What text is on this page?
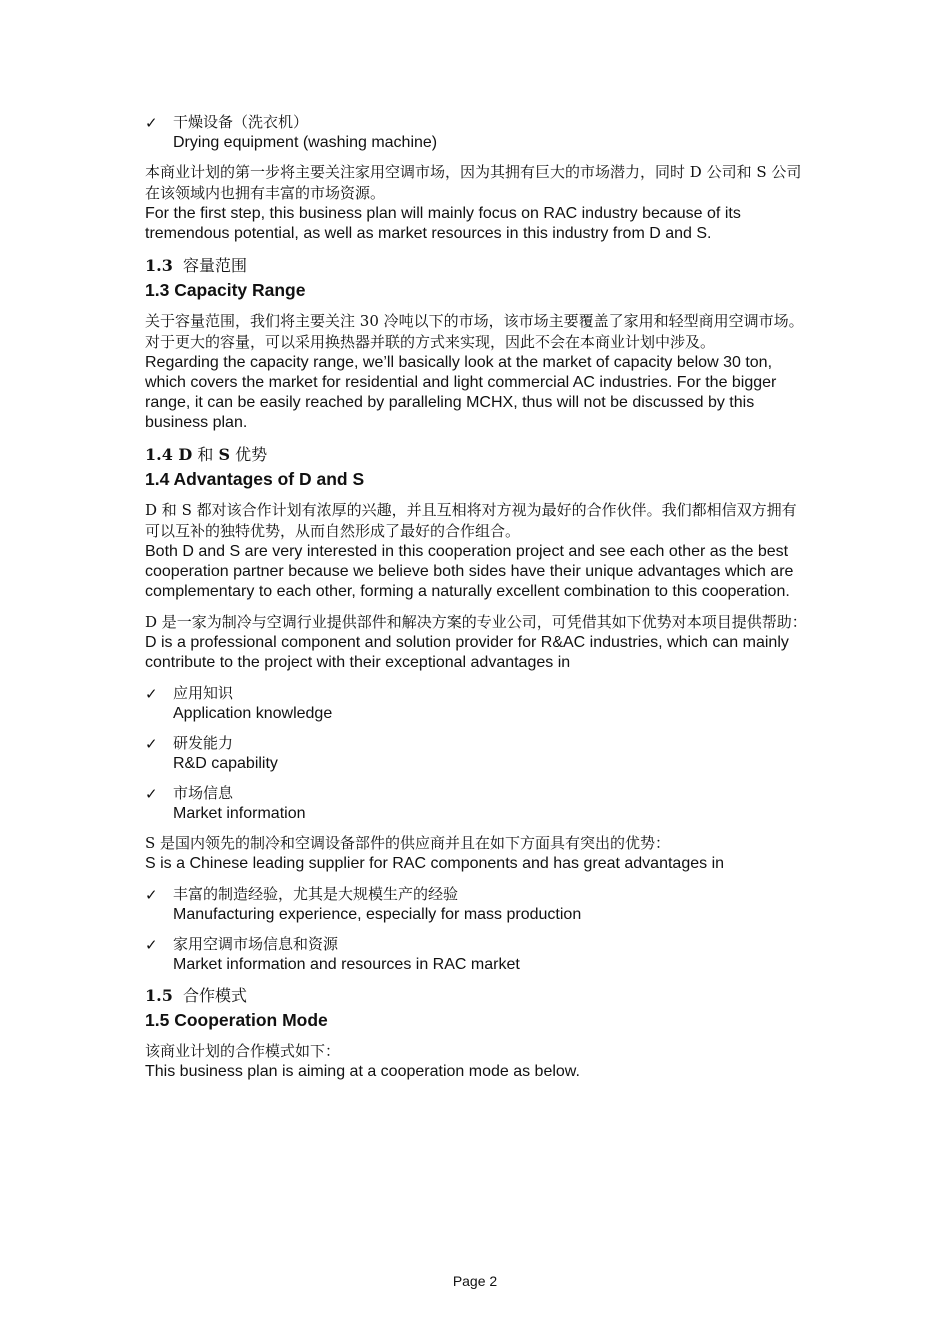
✓ 干燥设备（洗衣机）

Drying equipment (washing machine)

本商业计划的第一步将主要关注家用空调市场，因为其拥有巨大的市场潜力，同时 D 公司和 S 公司在该领域内也拥有丰富的市场资源。

For the first step, this business plan will mainly focus on RAC industry because of its tremendous potential, as well as market resources in this industry from D and S.

1.3 容量范围

1.3 Capacity Range

关于容量范围，我们将主要关注 30 冷吨以下的市场，该市场主要覆盖了家用和轻型商用空调市场。对于更大的容量，可以采用换热器并联的方式来实现，因此不会在本商业计划中涉及。

Regarding the capacity range, we’ll basically look at the market of capacity below 30 ton, which covers the market for residential and light commercial AC industries. For the bigger range, it can be easily reached by paralleling MCHX, thus will not be discussed by this business plan.

1.4 D 和 S 优势

1.4 Advantages of D and S

D 和 S 都对该合作计划有浓厚的兴趣，并且互相将对方视为最好的合作伙伴。我们都相信双方拥有可以互补的独特优势，从而自然形成了最好的合作组合。

Both D and S are very interested in this cooperation project and see each other as the best cooperation partner because we believe both sides have their unique advantages which are complementary to each other, forming a naturally excellent combination to this cooperation.

D 是一家为制冷与空调行业提供部件和解决方案的专业公司，可凭借其如下优势对本项目提供帮助：

D is a professional component and solution provider for R&AC industries, which can mainly contribute to the project with their exceptional advantages in

✓ 应用知识

Application knowledge

✓ 研发能力

R&D capability

✓ 市场信息

Market information

S 是国内领先的制冷和空调设备部件的供应商并且在如下方面具有突出的优势：

S is a Chinese leading supplier for RAC components and has great advantages in

✓ 丰富的制造经验，尤其是大规模生产的经验

Manufacturing experience, especially for mass production

✓ 家用空调市场信息和资源

Market information and resources in RAC market

1.5 合作模式

1.5 Cooperation Mode

该商业计划的合作模式如下：

This business plan is aiming at a cooperation mode as below.

Page 2
